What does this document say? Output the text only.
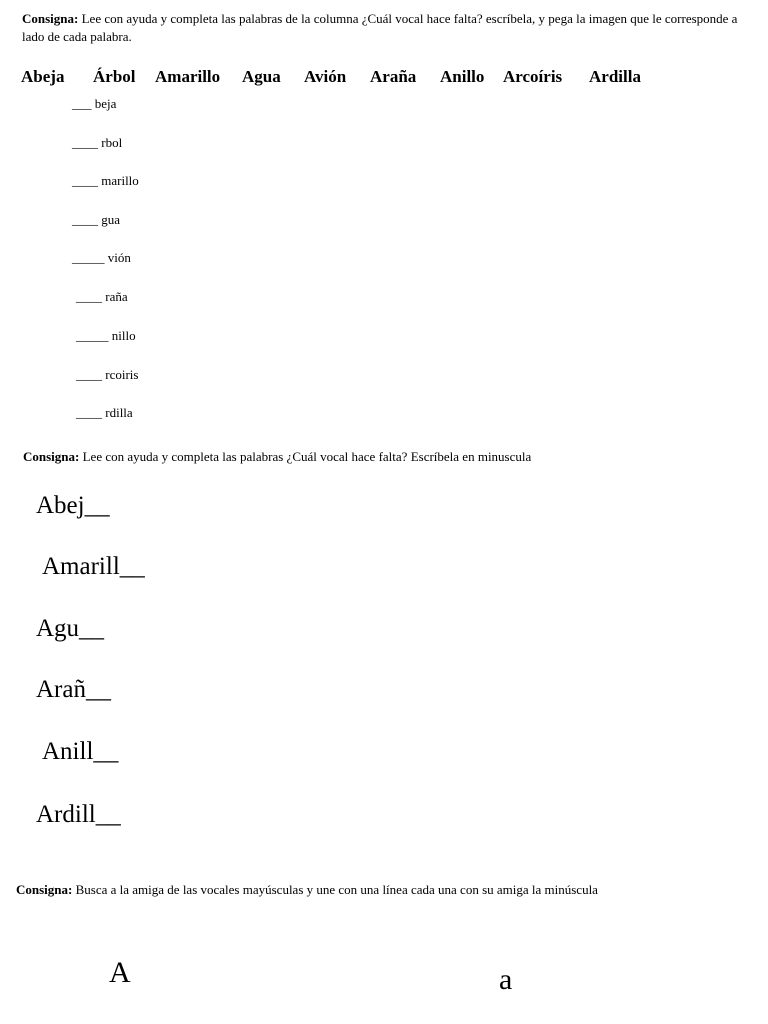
Consigna: Lee con ayuda y completa las palabras de la columna ¿Cuál vocal hace falta? escríbela, y pega la imagen que le corresponde a lado de cada palabra.
Abeja Árbol Amarillo Agua Avión Araña Anillo Arcoíris Ardilla
___ beja
____ rbol
____ marillo
____ gua
_____ vión
____ raña
_____ nillo
____ rcoiris
____ rdilla
Consigna: Lee con ayuda y completa las palabras ¿Cuál vocal hace falta? Escríbela en minuscula
Abej__
Amarill__
Agu__
Arañ__
Anill__
Ardill__
Consigna: Busca a la amiga de las vocales mayúsculas y une con una línea cada una con su amiga la minúscula
A	a
